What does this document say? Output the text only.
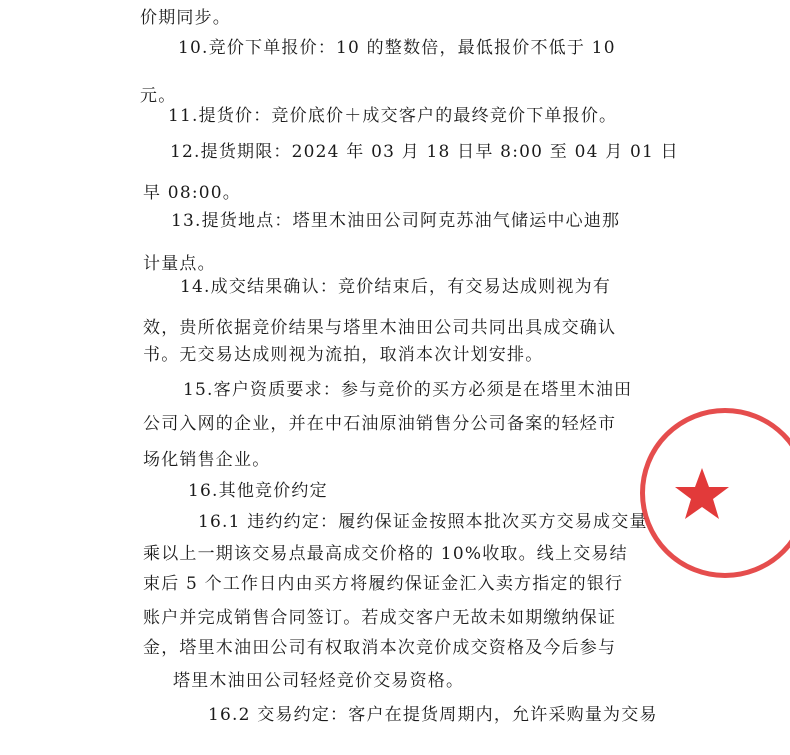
价期同步。
10.竞价下单报价：10 的整数倍，最低报价不低于 10
元。
11.提货价：竞价底价＋成交客户的最终竞价下单报价。
12.提货期限：2024 年 03 月 18 日早 8:00 至 04 月 01 日
早 08:00。
13.提货地点：塔里木油田公司阿克苏油气储运中心迪那
计量点。
14.成交结果确认：竞价结束后，有交易达成则视为有
效，贵所依据竞价结果与塔里木油田公司共同出具成交确认
书。无交易达成则视为流拍，取消本次计划安排。
15.客户资质要求：参与竞价的买方必须是在塔里木油田
公司入网的企业，并在中石油原油销售分公司备案的轻烃市
场化销售企业。
16.其他竞价约定
16.1 违约约定：履约保证金按照本批次买方交易成交量
乘以上一期该交易点最高成交价格的 10%收取。线上交易结
束后 5 个工作日内由买方将履约保证金汇入卖方指定的银行
账户并完成销售合同签订。若成交客户无故未如期缴纳保证
金，塔里木油田公司有权取消本次竞价成交资格及今后参与
塔里木油田公司轻烃竞价交易资格。
16.2 交易约定：客户在提货周期内，允许采购量为交易
